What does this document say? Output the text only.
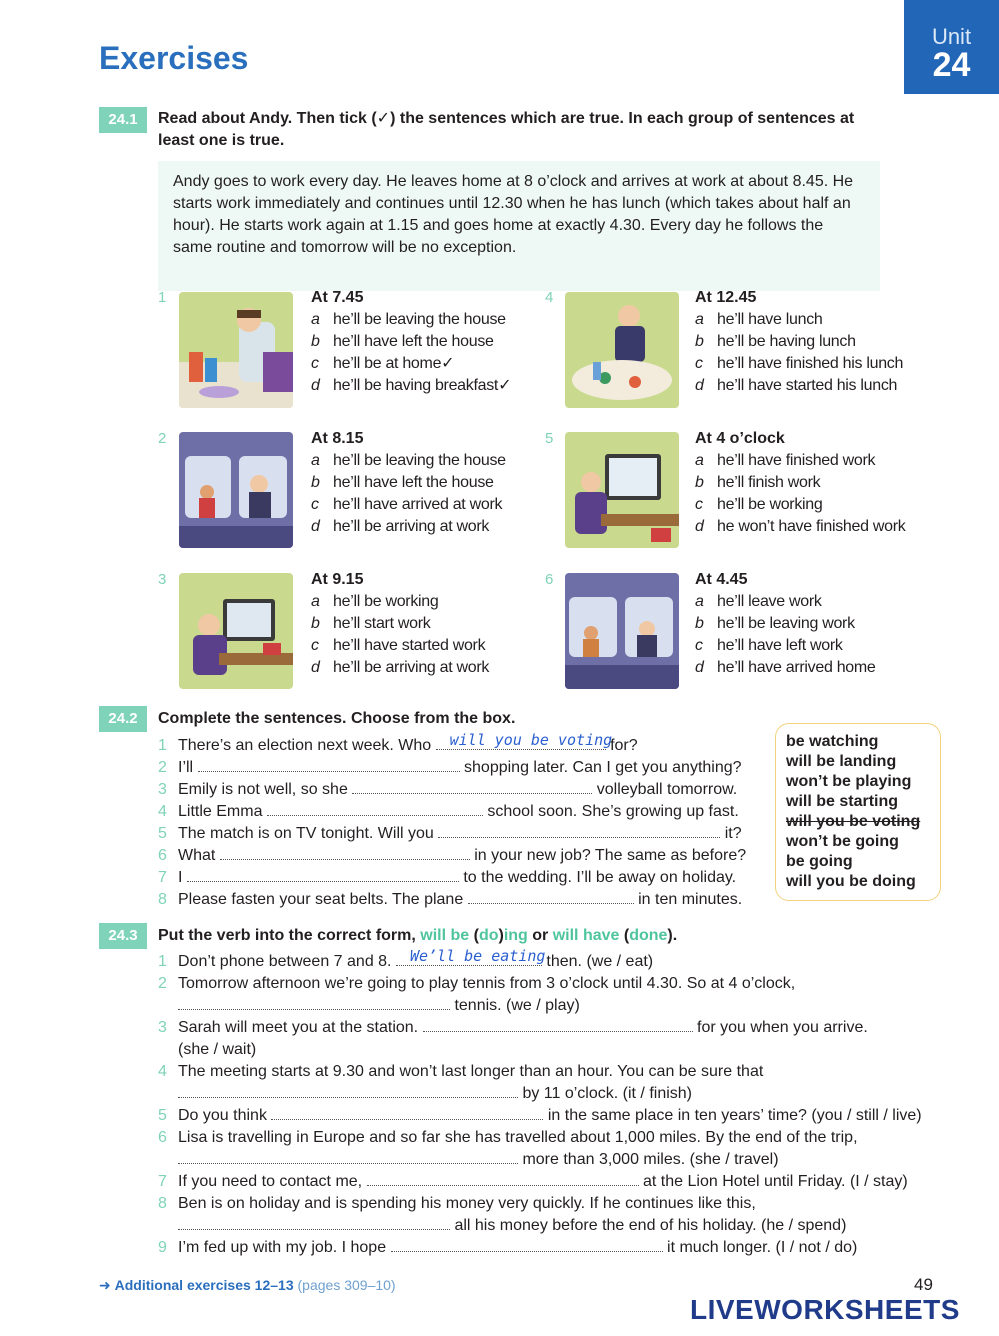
Exercises
Unit
24
24.1	Read about Andy. Then tick (✓) the sentences which are true. In each group of sentences at least one is true.
Andy goes to work every day. He leaves home at 8 o’clock and arrives at work at about 8.45. He starts work immediately and continues until 12.30 when he has lunch (which takes about half an hour). He starts work again at 1.15 and goes home at exactly 4.30. Every day he follows the same routine and tomorrow will be no exception.
1	At 7.45
a he’ll be leaving the house
b he’ll have left the house
c he’ll be at home✓
d he’ll be having breakfast✓
2	At 8.15
a he’ll be leaving the house
b he’ll have left the house
c he’ll have arrived at work
d he’ll be arriving at work
3	At 9.15
a he’ll be working
b he’ll start work
c he’ll have started work
d he’ll be arriving at work
4	At 12.45
a he’ll have lunch
b he’ll be having lunch
c he’ll have finished his lunch
d he’ll have started his lunch
5	At 4 o’clock
a he’ll have finished work
b he’ll finish work
c he’ll be working
d he won’t have finished work
6	At 4.45
a he’ll leave work
b he’ll be leaving work
c he’ll have left work
d he’ll have arrived home
24.2	Complete the sentences. Choose from the box.
1 There’s an election next week. Who will you be voting
for?
2 I’ll	shopping later. Can I get you anything?
3 Emily is not well, so she	volleyball tomorrow.
4 Little Emma	school soon. She’s growing up fast.
5 The match is on TV tonight. Will you	it?
6 What	in your new job? The same as before?
7 I	to the wedding. I’ll be away on holiday.
8 Please fasten your seat belts. The plane	in ten minutes.
be watching
will be landing
won’t be playing
will be starting
will you be voting
won’t be going
be going
will you be doing
24.3	Put the verb into the correct form, will be (do)ing or will have (done).
1 Don’t phone between 7 and 8. We’ll be eating then. (we / eat)
2 Tomorrow afternoon we’re going to play tennis from 3 o’clock until 4.30. So at 4 o’clock,
tennis. (we / play)
3 Sarah will meet you at the station.	for you when you arrive.
(she / wait)
4 The meeting starts at 9.30 and won’t last longer than an hour. You can be sure that
by 11 o’clock. (it / finish)
5 Do you think	in the same place in ten years’ time? (you / still / live)
6 Lisa is travelling in Europe and so far she has travelled about 1,000 miles. By the end of the trip,
more than 3,000 miles. (she / travel)
7 If you need to contact me,	at the Lion Hotel until Friday. (I / stay)
8 Ben is on holiday and is spending his money very quickly. If he continues like this,
all his money before the end of his holiday. (he / spend)
9 I’m fed up with my job. I hope	it much longer. (I / not / do)
➜ Additional exercises 12–13 (pages 309–10)	49
LIVEWORKSHEETS
